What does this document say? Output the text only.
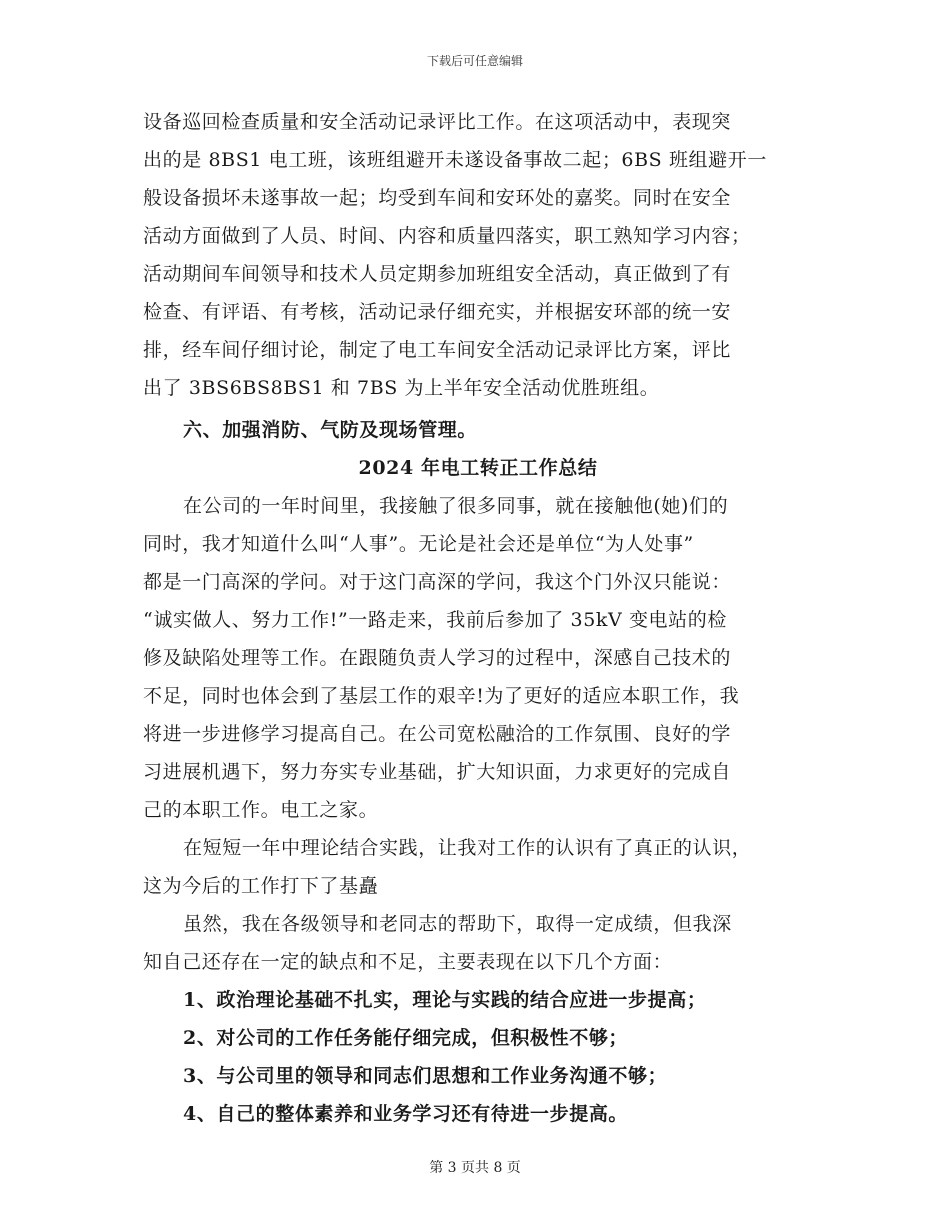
下载后可任意编辑
设备巡回检查质量和安全活动记录评比工作。在这项活动中，表现突
出的是 8BS1 电工班，该班组避开未遂设备事故二起；6BS 班组避开一
般设备损坏未遂事故一起；均受到车间和安环处的嘉奖。同时在安全
活动方面做到了人员、时间、内容和质量四落实，职工熟知学习内容；
活动期间车间领导和技术人员定期参加班组安全活动，真正做到了有
检查、有评语、有考核，活动记录仔细充实，并根据安环部的统一安
排，经车间仔细讨论，制定了电工车间安全活动记录评比方案，评比
出了 3BS6BS8BS1 和 7BS 为上半年安全活动优胜班组。
六、加强消防、气防及现场管理。
2024 年电工转正工作总结
在公司的一年时间里，我接触了很多同事，就在接触他(她)们的
同时，我才知道什么叫“人事”。无论是社会还是单位“为人处事”
都是一门高深的学问。对于这门高深的学问，我这个门外汉只能说：
“诚实做人、努力工作!”一路走来，我前后参加了 35kV 变电站的检
修及缺陷处理等工作。在跟随负责人学习的过程中，深感自己技术的
不足，同时也体会到了基层工作的艰辛!为了更好的适应本职工作，我
将进一步进修学习提高自己。在公司宽松融洽的工作氛围、良好的学
习进展机遇下，努力夯实专业基础，扩大知识面，力求更好的完成自
己的本职工作。电工之家。
在短短一年中理论结合实践，让我对工作的认识有了真正的认识，
这为今后的工作打下了基矗
虽然，我在各级领导和老同志的帮助下，取得一定成绩，但我深
知自己还存在一定的缺点和不足，主要表现在以下几个方面：
1、政治理论基础不扎实，理论与实践的结合应进一步提高；
2、对公司的工作任务能仔细完成，但积极性不够；
3、与公司里的领导和同志们思想和工作业务沟通不够；
4、自己的整体素养和业务学习还有待进一步提高。
第 3 页共 8 页
